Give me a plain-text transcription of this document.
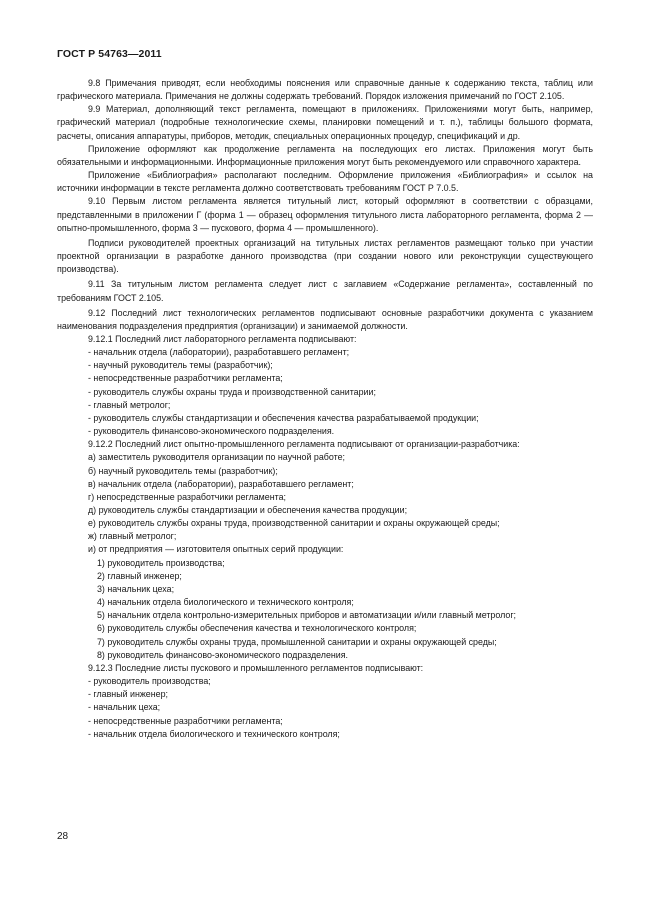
ГОСТ Р 54763—2011

9.8 Примечания приводят, если необходимы пояснения или справочные данные к содержанию текста, таблиц или графического материала. Примечания не должны содержать требований. Порядок изложения примечаний по ГОСТ 2.105.

9.9 Материал, дополняющий текст регламента, помещают в приложениях. Приложениями могут быть, например, графический материал (подробные технологические схемы, планировки помещений и т. п.), таблицы большого формата, расчеты, описания аппаратуры, приборов, методик, специальных операционных процедур, спецификаций и др.

Приложение оформляют как продолжение регламента на последующих его листах. Приложения могут быть обязательными и информационными. Информационные приложения могут быть рекомендуемого или справочного характера.

Приложение «Библиография» располагают последним. Оформление приложения «Библиография» и ссылок на источники информации в тексте регламента должно соответствовать требованиям ГОСТ Р 7.0.5.

9.10 Первым листом регламента является титульный лист, который оформляют в соответствии с образцами, представленными в приложении Г (форма 1 — образец оформления титульного листа лабораторного регламента, форма 2 — опытно-промышленного, форма 3 — пускового, форма 4 — промышленного).

Подписи руководителей проектных организаций на титульных листах регламентов размещают только при участии проектной организации в разработке данного производства (при создании нового или реконструкции существующего производства).

9.11 За титульным листом регламента следует лист с заглавием «Содержание регламента», составленный по требованиям ГОСТ 2.105.

9.12 Последний лист технологических регламентов подписывают основные разработчики документа с указанием наименования подразделения предприятия (организации) и занимаемой должности.

9.12.1 Последний лист лабораторного регламента подписывают:

- начальник отдела (лаборатории), разработавшего регламент;

- научный руководитель темы (разработчик);

- непосредственные разработчики регламента;

- руководитель службы охраны труда и производственной санитарии;

- главный метролог;

- руководитель службы стандартизации и обеспечения качества разрабатываемой продукции;

- руководитель финансово-экономического подразделения.

9.12.2 Последний лист опытно-промышленного регламента подписывают от организации-разработчика:

а) заместитель руководителя организации по научной работе;

б) научный руководитель темы (разработчик);

в) начальник отдела (лаборатории), разработавшего регламент;

г) непосредственные разработчики регламента;

д) руководитель службы стандартизации и обеспечения качества продукции;

е) руководитель службы охраны труда, производственной санитарии и охраны окружающей среды;

ж) главный метролог;

и) от предприятия — изготовителя опытных серий продукции:

1) руководитель производства;

2) главный инженер;

3) начальник цеха;

4) начальник отдела биологического и технического контроля;

5) начальник отдела контрольно-измерительных приборов и автоматизации и/или главный метролог;

6) руководитель службы обеспечения качества и технологического контроля;

7) руководитель службы охраны труда, промышленной санитарии и охраны окружающей среды;

8) руководитель финансово-экономического подразделения.

9.12.3 Последние листы пускового и промышленного регламентов подписывают:

- руководитель производства;

- главный инженер;

- начальник цеха;

- непосредственные разработчики регламента;

- начальник отдела биологического и технического контроля;

28
